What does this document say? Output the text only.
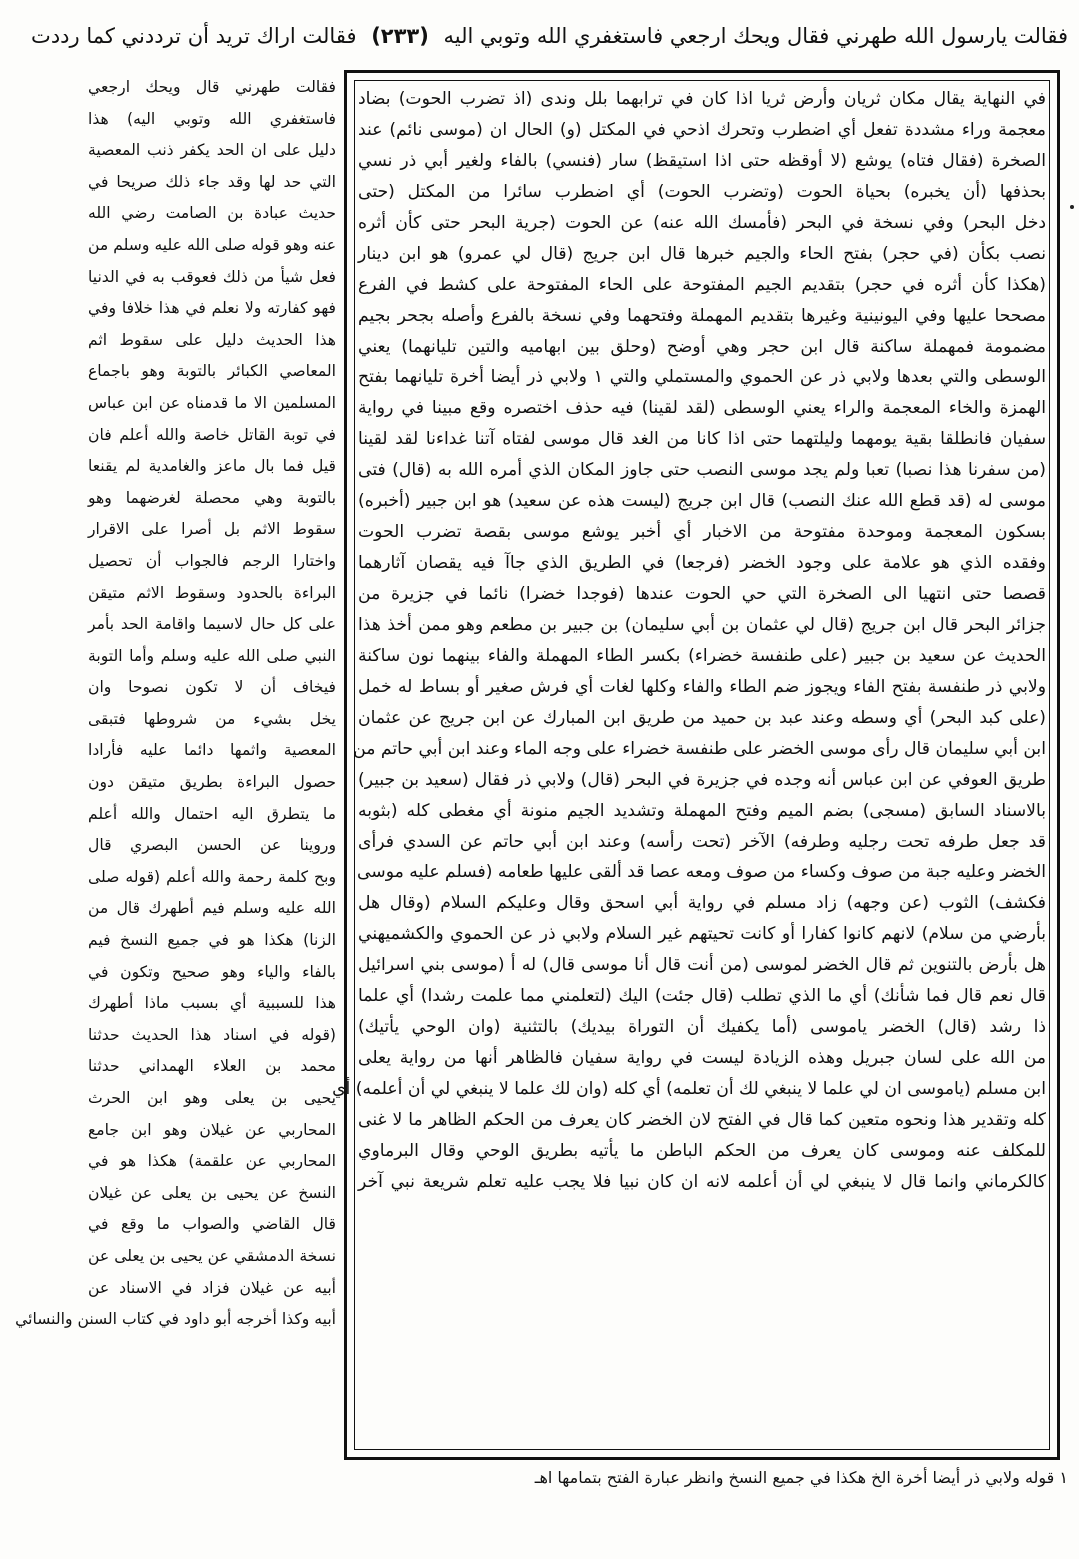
فقالت يارسول الله طهرني فقال ويحك ارجعي فاستغفري الله وتوبي اليه (٢٣٣) فقالت اراك تريد أن ترددني كما رددت
في النهاية يقال مكان ثريان وأرض ثريا اذا كان في ترابهما بلل وندى (اذ تضرب الحوت) بضاد
معجمة وراء مشددة تفعل أي اضطرب وتحرك اذحي في المكتل (و) الحال ان (موسى نائم) عند
الصخرة (فقال فتاه) يوشع (لا أوقظه حتى اذا استيقظ) سار (فنسي) بالفاء ولغير أبي ذر نسي
بحذفها (أن يخبره) بحياة الحوت (وتضرب الحوت) أي اضطرب سائرا من المكتل (حتى
دخل البحر) وفي نسخة في البحر (فأمسك الله عنه) عن الحوت (جرية البحر حتى كأن أثره
نصب بكأن (في حجر) بفتح الحاء والجيم خبرها قال ابن جريج (قال لي عمرو) هو ابن دينار
(هكذا كأن أثره في حجر) بتقديم الجيم المفتوحة على الحاء المفتوحة على كشط في الفرع
مصححا عليها وفي اليونينية وغيرها بتقديم المهملة وفتحهما وفي نسخة بالفرع وأصله بجحر بجيم
مضمومة فمهملة ساكنة قال ابن حجر وهي أوضح (وحلق بين ابهاميه والتين تليانهما) يعني
الوسطى والتي بعدها ولابي ذر عن الحموي والمستملي والتي ١ ولابي ذر أيضا أخرة تليانهما بفتح
الهمزة والخاء المعجمة والراء يعني الوسطى (لقد لقينا) فيه حذف اختصره وقع مبينا في رواية
سفيان فانطلقا بقية يومهما وليلتهما حتى اذا كانا من الغد قال موسى لفتاه آتنا غداءنا لقد لقينا
(من سفرنا هذا نصبا) تعبا ولم يجد موسى النصب حتى جاوز المكان الذي أمره الله به (قال) فتى
موسى له (قد قطع الله عنك النصب) قال ابن جريج (ليست هذه عن سعيد) هو ابن جبير (أخبره)
بسكون المعجمة وموحدة مفتوحة من الاخبار أي أخبر يوشع موسى بقصة تضرب الحوت
وفقده الذي هو علامة على وجود الخضر (فرجعا) في الطريق الذي جاآ فيه يقصان آثارهما
قصصا حتى انتهيا الى الصخرة التي حي الحوت عندها (فوجدا خضرا) نائما في جزيرة من
جزائر البحر قال ابن جريج (قال لي عثمان بن أبي سليمان) بن جبير بن مطعم وهو ممن أخذ هذا
الحديث عن سعيد بن جبير (على طنفسة خضراء) بكسر الطاء المهملة والفاء بينهما نون ساكنة
ولابي ذر طنفسة بفتح الفاء ويجوز ضم الطاء والفاء وكلها لغات أي فرش صغير أو بساط له خمل
(على كبد البحر) أي وسطه وعند عبد بن حميد من طريق ابن المبارك عن ابن جريج عن عثمان
ابن أبي سليمان قال رأى موسى الخضر على طنفسة خضراء على وجه الماء وعند ابن أبي حاتم من
طريق العوفي عن ابن عباس أنه وجده في جزيرة في البحر (قال) ولابي ذر فقال (سعيد بن جبير)
بالاسناد السابق (مسجى) بضم الميم وفتح المهملة وتشديد الجيم منونة أي مغطى كله (بثوبه
قد جعل طرفه تحت رجليه وطرفه) الآخر (تحت رأسه) وعند ابن أبي حاتم عن السدي فرأى
الخضر وعليه جبة من صوف وكساء من صوف ومعه عصا قد ألقى عليها طعامه (فسلم عليه موسى
فكشف) الثوب (عن وجهه) زاد مسلم في رواية أبي اسحق وقال وعليكم السلام (وقال هل
بأرضي من سلام) لانهم كانوا كفارا أو كانت تحيتهم غير السلام ولابي ذر عن الحموي والكشميهني
هل بأرض بالتنوين ثم قال الخضر لموسى (من أنت قال أنا موسى قال) له أ (موسى بني اسرائيل
قال نعم قال فما شأنك) أي ما الذي تطلب (قال جئت) اليك (لتعلمني مما علمت رشدا) أي علما
ذا رشد (قال) الخضر ياموسى (أما يكفيك أن التوراة بيديك) بالتثنية (وان الوحي يأتيك)
من الله على لسان جبريل وهذه الزيادة ليست في رواية سفيان فالظاهر أنها من رواية يعلى
ابن مسلم (ياموسى ان لي علما لا ينبغي لك أن تعلمه) أي كله (وان لك علما لا ينبغي لي أن أعلمه) أي
كله وتقدير هذا ونحوه متعين كما قال في الفتح لان الخضر كان يعرف من الحكم الظاهر ما لا غنى
للمكلف عنه وموسى كان يعرف من الحكم الباطن ما يأتيه بطريق الوحي وقال البرماوي
كالكرماني وانما قال لا ينبغي لي أن أعلمه لانه ان كان نبيا فلا يجب عليه تعلم شريعة نبي آخر
فقالت طهرني قال ويحك ارجعي
فاستغفري الله وتوبي اليه) هذا
دليل على ان الحد يكفر ذنب المعصية
التي حد لها وقد جاء ذلك صريحا في
حديث عبادة بن الصامت رضي الله
عنه وهو قوله صلى الله عليه وسلم من
فعل شيأ من ذلك فعوقب به في الدنيا
فهو كفارته ولا نعلم في هذا خلافا وفي
هذا الحديث دليل على سقوط اثم
المعاصي الكبائر بالتوبة وهو باجماع
المسلمين الا ما قدمناه عن ابن عباس
في توبة القاتل خاصة والله أعلم فان
قيل فما بال ماعز والغامدية لم يقنعا
بالتوبة وهي محصلة لغرضهما وهو
سقوط الاثم بل أصرا على الاقرار
واختارا الرجم فالجواب أن تحصيل
البراءة بالحدود وسقوط الاثم متيقن
على كل حال لاسيما واقامة الحد بأمر
النبي صلى الله عليه وسلم وأما التوبة
فيخاف أن لا تكون نصوحا وان
يخل بشيء من شروطها فتبقى
المعصية واثمها دائما عليه فأرادا
حصول البراءة بطريق متيقن دون
ما يتطرق اليه احتمال والله أعلم
وروينا عن الحسن البصري قال
وبح كلمة رحمة والله أعلم (قوله صلى
الله عليه وسلم فيم أطهرك قال من
الزنا) هكذا هو في جميع النسخ فيم
بالفاء والياء وهو صحيح وتكون في
هذا للسببية أي بسبب ماذا أطهرك
(قوله في اسناد هذا الحديث حدثنا
محمد بن العلاء الهمداني حدثنا
يحيى بن يعلى وهو ابن الحرث
المحاربي عن غيلان وهو ابن جامع
المحاربي عن علقمة) هكذا هو في
النسخ عن يحيى بن يعلى عن غيلان
قال القاضي والصواب ما وقع في
نسخة الدمشقي عن يحيى بن يعلى عن
أبيه عن غيلان فزاد في الاسناد عن
أبيه وكذا أخرجه أبو داود في كتاب السنن والنسائي
١ قوله ولابي ذر أيضا أخرة الخ هكذا في جميع النسخ وانظر عبارة الفتح بتمامها اهـ
